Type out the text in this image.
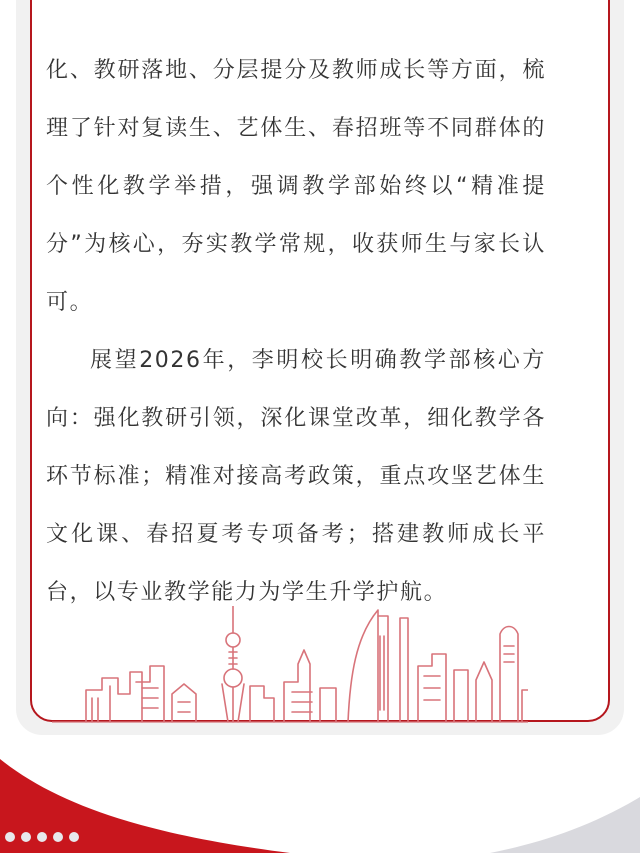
化、教研落地、分层提分及教师成长等方面，梳理了针对复读生、艺体生、春招班等不同群体的个性化教学举措，强调教学部始终以“精准提分”为核心，夯实教学常规，收获师生与家长认可。

展望2026年，李明校长明确教学部核心方向：强化教研引领，深化课堂改革，细化教学各环节标准；精准对接高考政策，重点攻坚艺体生文化课、春招夏考专项备考；搭建教师成长平台，以专业教学能力为学生升学护航。
